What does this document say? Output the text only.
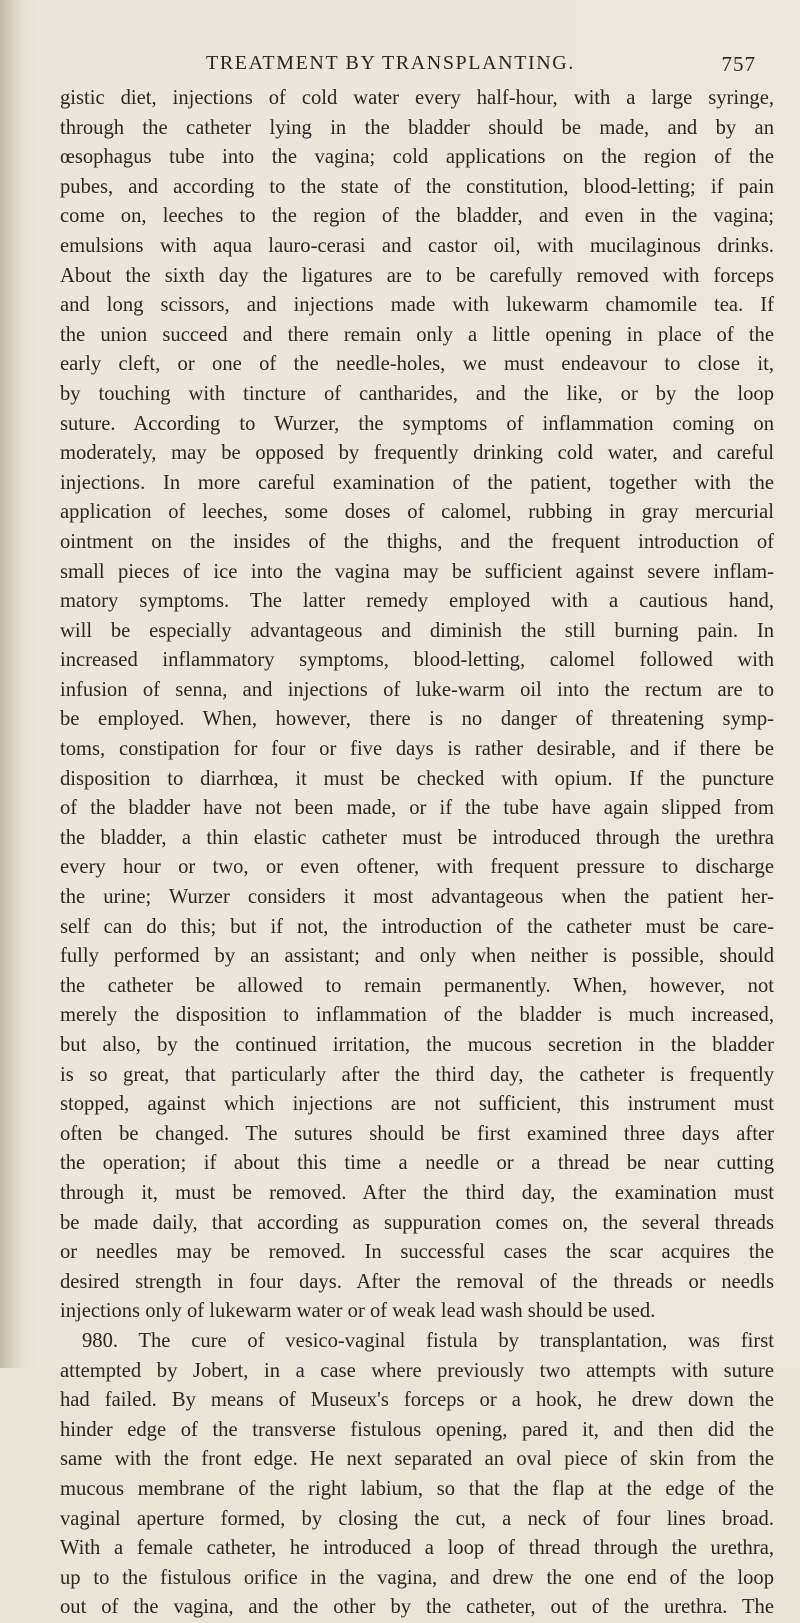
TREATMENT BY TRANSPLANTING.	757
gistic diet, injections of cold water every half-hour, with a large syringe,
through the catheter lying in the bladder should be made, and by an
œsophagus tube into the vagina; cold applications on the region of the
pubes, and according to the state of the constitution, blood-letting; if pain
come on, leeches to the region of the bladder, and even in the vagina;
emulsions with aqua lauro-cerasi and castor oil, with mucilaginous drinks.
About the sixth day the ligatures are to be carefully removed with forceps
and long scissors, and injections made with lukewarm chamomile tea. If
the union succeed and there remain only a little opening in place of the
early cleft, or one of the needle-holes, we must endeavour to close it,
by touching with tincture of cantharides, and the like, or by the loop
suture. According to Wurzer, the symptoms of inflammation coming on
moderately, may be opposed by frequently drinking cold water, and careful
injections. In more careful examination of the patient, together with the
application of leeches, some doses of calomel, rubbing in gray mercurial
ointment on the insides of the thighs, and the frequent introduction of
small pieces of ice into the vagina may be sufficient against severe inflam-
matory symptoms. The latter remedy employed with a cautious hand,
will be especially advantageous and diminish the still burning pain. In
increased inflammatory symptoms, blood-letting, calomel followed with
infusion of senna, and injections of luke-warm oil into the rectum are to
be employed. When, however, there is no danger of threatening symp-
toms, constipation for four or five days is rather desirable, and if there be
disposition to diarrhœa, it must be checked with opium. If the puncture
of the bladder have not been made, or if the tube have again slipped from
the bladder, a thin elastic catheter must be introduced through the urethra
every hour or two, or even oftener, with frequent pressure to discharge
the urine; Wurzer considers it most advantageous when the patient her-
self can do this; but if not, the introduction of the catheter must be care-
fully performed by an assistant; and only when neither is possible, should
the catheter be allowed to remain permanently. When, however, not
merely the disposition to inflammation of the bladder is much increased,
but also, by the continued irritation, the mucous secretion in the bladder
is so great, that particularly after the third day, the catheter is frequently
stopped, against which injections are not sufficient, this instrument must
often be changed. The sutures should be first examined three days after
the operation; if about this time a needle or a thread be near cutting
through it, must be removed. After the third day, the examination must
be made daily, that according as suppuration comes on, the several threads
or needles may be removed. In successful cases the scar acquires the
desired strength in four days. After the removal of the threads or needls
injections only of lukewarm water or of weak lead wash should be used.
980. The cure of vesico-vaginal fistula by transplantation, was first
attempted by Jobert, in a case where previously two attempts with suture
had failed. By means of Museux's forceps or a hook, he drew down the
hinder edge of the transverse fistulous opening, pared it, and then did the
same with the front edge. He next separated an oval piece of skin from the
mucous membrane of the right labium, so that the flap at the edge of the
vaginal aperture formed, by closing the cut, a neck of four lines broad.
With a female catheter, he introduced a loop of thread through the urethra,
up to the fistulous orifice in the vagina, and drew the one end of the loop
out of the vagina, and the other by the catheter, out of the urethra. The
